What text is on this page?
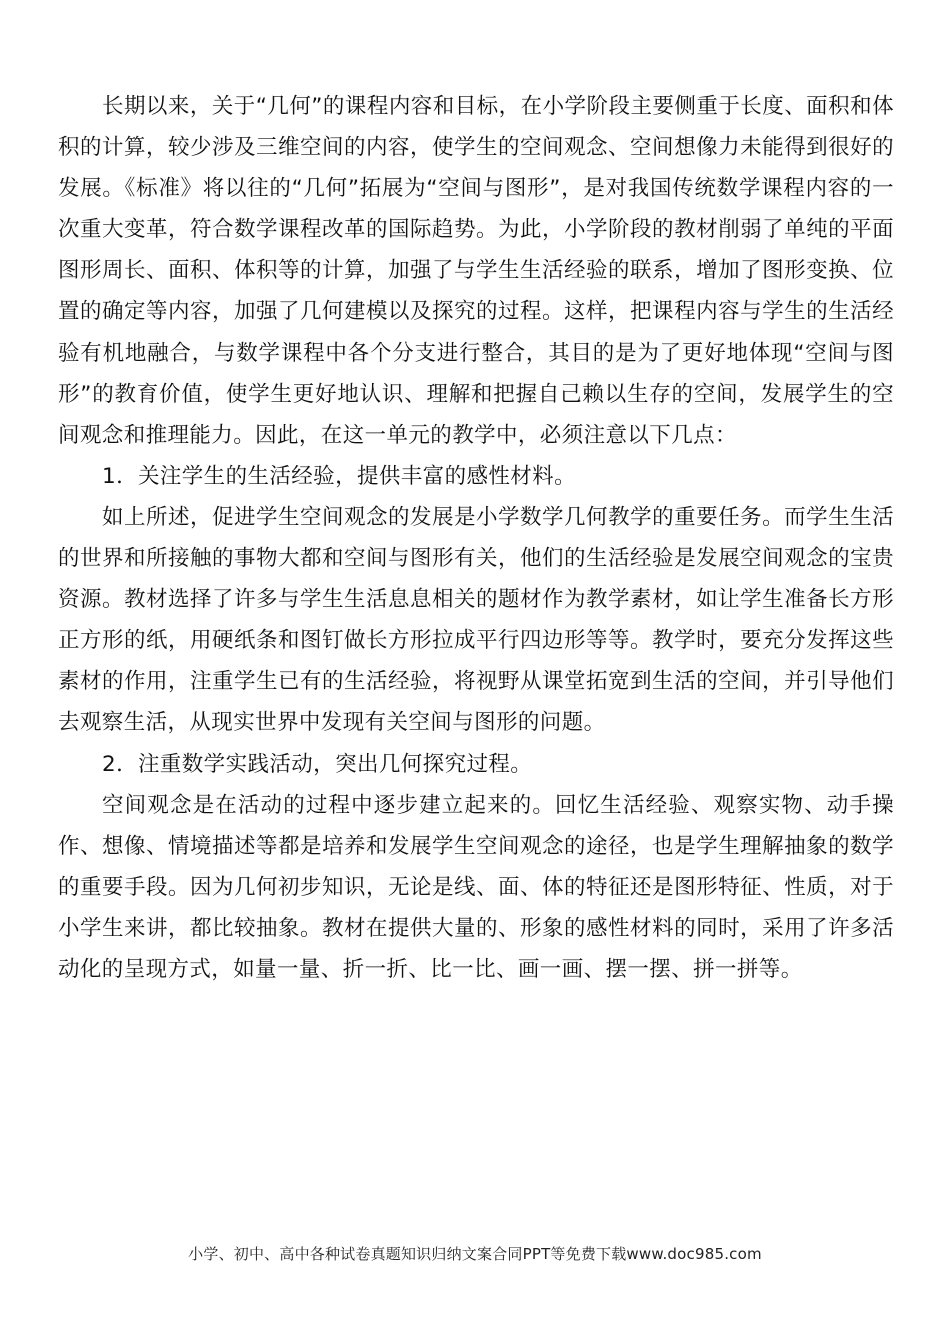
长期以来，关于“几何”的课程内容和目标，在小学阶段主要侧重于长度、面积和体积的计算，较少涉及三维空间的内容，使学生的空间观念、空间想像力未能得到很好的发展。《标准》将以往的“几何”拓展为“空间与图形”，是对我国传统数学课程内容的一次重大变革，符合数学课程改革的国际趋势。为此，小学阶段的教材削弱了单纯的平面图形周长、面积、体积等的计算，加强了与学生生活经验的联系，增加了图形变换、位置的确定等内容，加强了几何建模以及探究的过程。这样，把课程内容与学生的生活经验有机地融合，与数学课程中各个分支进行整合，其目的是为了更好地体现“空间与图形”的教育价值，使学生更好地认识、理解和把握自己赖以生存的空间，发展学生的空间观念和推理能力。因此，在这一单元的教学中，必须注意以下几点：

1．关注学生的生活经验，提供丰富的感性材料。

如上所述，促进学生空间观念的发展是小学数学几何教学的重要任务。而学生生活的世界和所接触的事物大都和空间与图形有关，他们的生活经验是发展空间观念的宝贵资源。教材选择了许多与学生生活息息相关的题材作为教学素材，如让学生准备长方形正方形的纸，用硬纸条和图钉做长方形拉成平行四边形等等。教学时，要充分发挥这些素材的作用，注重学生已有的生活经验，将视野从课堂拓宽到生活的空间，并引导他们去观察生活，从现实世界中发现有关空间与图形的问题。

2．注重数学实践活动，突出几何探究过程。

空间观念是在活动的过程中逐步建立起来的。回忆生活经验、观察实物、动手操作、想像、情境描述等都是培养和发展学生空间观念的途径，也是学生理解抽象的数学的重要手段。因为几何初步知识，无论是线、面、体的特征还是图形特征、性质，对于小学生来讲，都比较抽象。教材在提供大量的、形象的感性材料的同时，采用了许多活动化的呈现方式，如量一量、折一折、比一比、画一画、摆一摆、拼一拼等。

小学、初中、高中各种试卷真题知识归纳文案合同PPT等免费下载www.doc985.com
